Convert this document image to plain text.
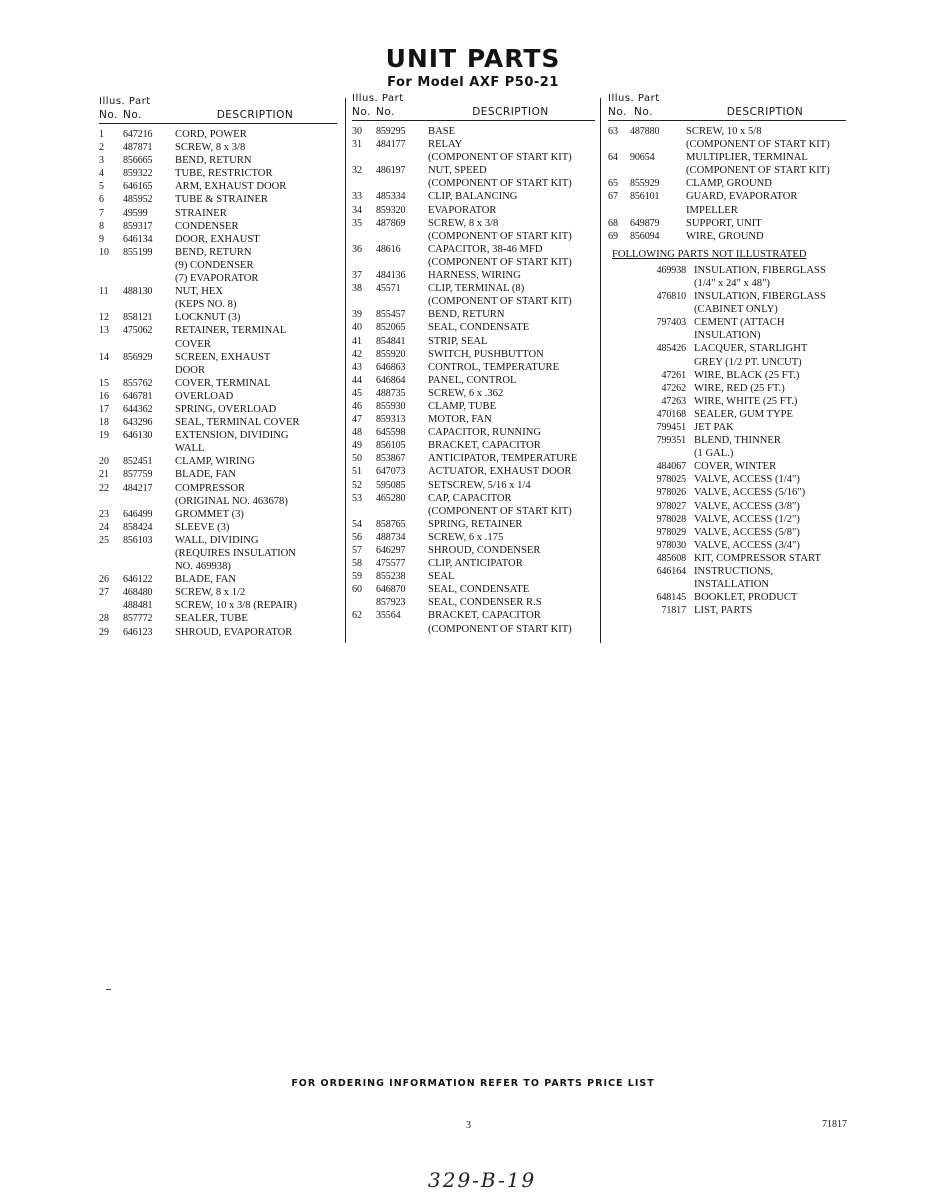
UNIT PARTS
For Model AXF P50-21
Illus. Part
No. No.	DESCRIPTION
1	647216	CORD, POWER
2	487871	SCREW, 8 x 3/8
3	856665	BEND, RETURN
4	859322	TUBE, RESTRICTOR
5	646165	ARM, EXHAUST DOOR
6	485952	TUBE & STRAINER
7	49599	STRAINER
8	859317	CONDENSER
9	646134	DOOR, EXHAUST
10	855199	BEND, RETURN
(9) CONDENSER
(7) EVAPORATOR
11	488130	NUT, HEX
(KEPS NO. 8)
12	858121	LOCKNUT (3)
13	475062	RETAINER, TERMINAL
COVER
14	856929	SCREEN, EXHAUST
DOOR
15	855762	COVER, TERMINAL
16	646781	OVERLOAD
17	644362	SPRING, OVERLOAD
18	643296	SEAL, TERMINAL COVER
19	646130	EXTENSION, DIVIDING
WALL
20	852451	CLAMP, WIRING
21	857759	BLADE, FAN
22	484217	COMPRESSOR
(ORIGINAL NO. 463678)
23	646499	GROMMET (3)
24	858424	SLEEVE (3)
25	856103	WALL, DIVIDING
(REQUIRES INSULATION
NO. 469938)
26	646122	BLADE, FAN
27	468480	SCREW, 8 x 1/2
488481	SCREW, 10 x 3/8 (REPAIR)
28	857772	SEALER, TUBE
29	646123	SHROUD, EVAPORATOR
Illus. Part
No. No.	DESCRIPTION
30	859295	BASE
31	484177	RELAY
(COMPONENT OF START KIT)
32	486197	NUT, SPEED
(COMPONENT OF START KIT)
33	485334	CLIP, BALANCING
34	859320	EVAPORATOR
35	487869	SCREW, 8 x 3/8
(COMPONENT OF START KIT)
36	48616	CAPACITOR, 38-46 MFD
(COMPONENT OF START KIT)
37	484136	HARNESS, WIRING
38	45571	CLIP, TERMINAL (8)
(COMPONENT OF START KIT)
39	855457	BEND, RETURN
40	852065	SEAL, CONDENSATE
41	854841	STRIP, SEAL
42	855920	SWITCH, PUSHBUTTON
43	646863	CONTROL, TEMPERATURE
44	646864	PANEL, CONTROL
45	488735	SCREW, 6 x .362
46	855930	CLAMP, TUBE
47	859313	MOTOR, FAN
48	645598	CAPACITOR, RUNNING
49	856105	BRACKET, CAPACITOR
50	853867	ANTICIPATOR, TEMPERATURE
51	647073	ACTUATOR, EXHAUST DOOR
52	595085	SETSCREW, 5/16 x 1/4
53	465280	CAP, CAPACITOR
(COMPONENT OF START KIT)
54	858765	SPRING, RETAINER
56	488734	SCREW, 6 x .175
57	646297	SHROUD, CONDENSER
58	475577	CLIP, ANTICIPATOR
59	855238	SEAL
60	646870	SEAL, CONDENSATE
857923	SEAL, CONDENSER R.S
62	35564	BRACKET, CAPACITOR
(COMPONENT OF START KIT)
Illus. Part
No. No.	DESCRIPTION
63	487880	SCREW, 10 x 5/8
(COMPONENT OF START KIT)
64	90654	MULTIPLIER, TERMINAL
(COMPONENT OF START KIT)
65	855929	CLAMP, GROUND
67	856101	GUARD, EVAPORATOR
IMPELLER
68	649879	SUPPORT, UNIT
69	856094	WIRE, GROUND
FOLLOWING PARTS NOT ILLUSTRATED
469938 INSULATION, FIBERGLASS
(1/4" x 24" x 48")
476810 INSULATION, FIBERGLASS
(CABINET ONLY)
797403 CEMENT (ATTACH
INSULATION)
485426 LACQUER, STARLIGHT
GREY (1/2 PT. UNCUT)
47261 WIRE, BLACK (25 FT.)
47262 WIRE, RED (25 FT.)
47263 WIRE, WHITE (25 FT.)
470168 SEALER, GUM TYPE
799451 JET PAK
799351 BLEND, THINNER
(1 GAL.)
484067 COVER, WINTER
978025 VALVE, ACCESS (1/4")
978026 VALVE, ACCESS (5/16")
978027 VALVE, ACCESS (3/8")
978028 VALVE, ACCESS (1/2")
978029 VALVE, ACCESS (5/8")
978030 VALVE, ACCESS (3/4")
485608 KIT, COMPRESSOR START
646164 INSTRUCTIONS,
INSTALLATION
648145 BOOKLET, PRODUCT
71817 LIST, PARTS
FOR ORDERING INFORMATION REFER TO PARTS PRICE LIST
3	71817
329-B-19
